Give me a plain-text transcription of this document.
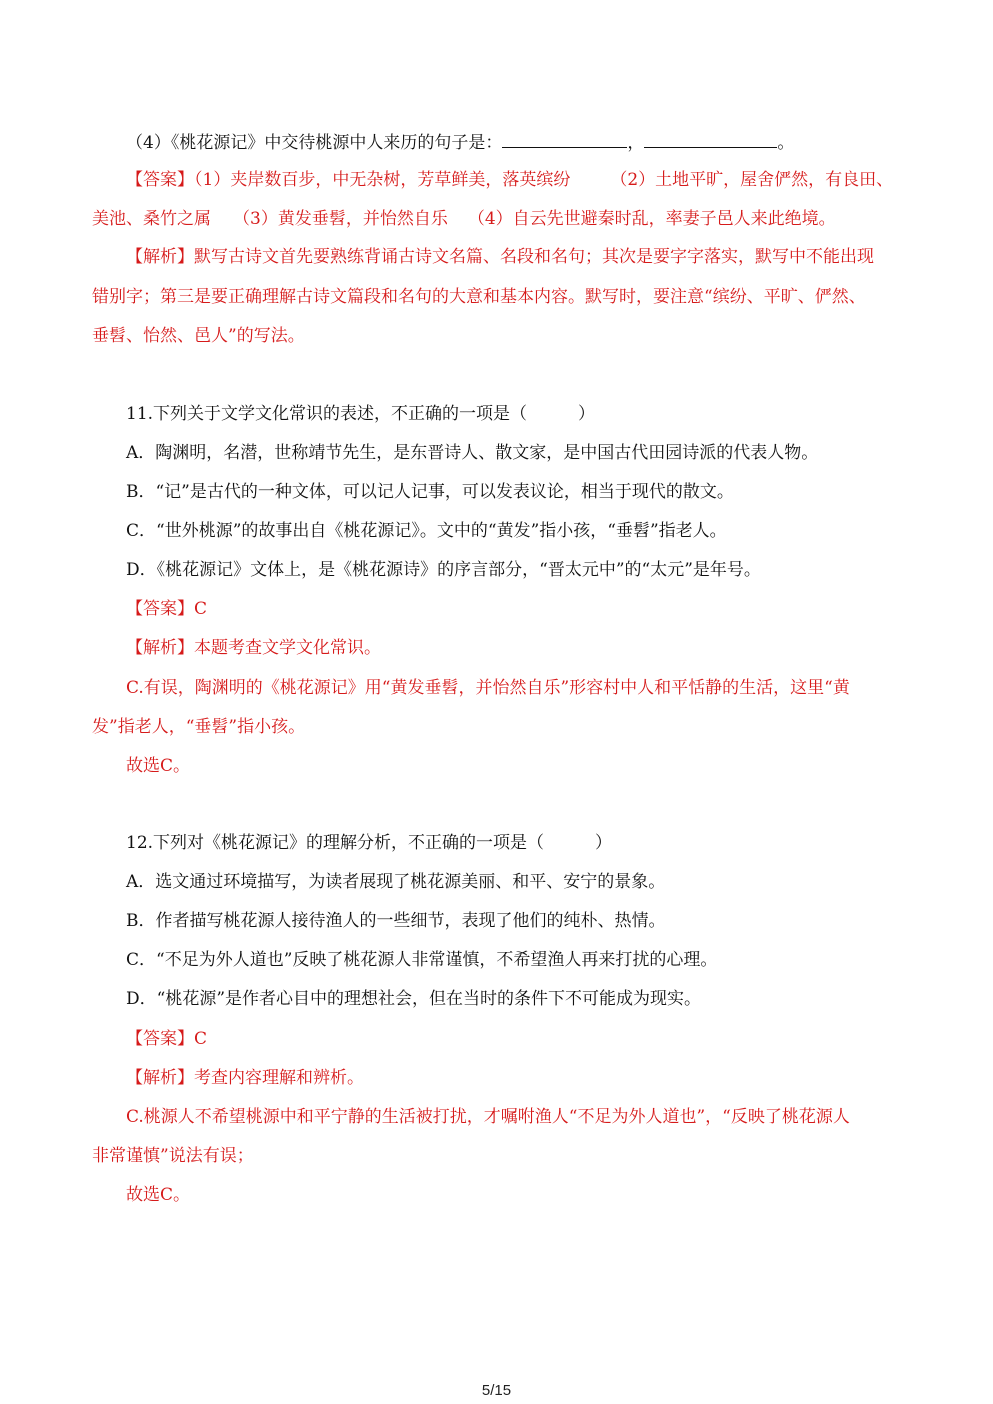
（4）《桃花源记》中交待桃源中人来历的句子是：	，	。
【答案】（1）夹岸数百步，中无杂树，芳草鲜美，落英缤纷 （2）土地平旷，屋舍俨然，有良田、
美池、桑竹之属 （3）黄发垂髫，并怡然自乐 （4）自云先世避秦时乱，率妻子邑人来此绝境。
【解析】默写古诗文首先要熟练背诵古诗文名篇、名段和名句；其次是要字字落实，默写中不能出现
错别字；第三是要正确理解古诗文篇段和名句的大意和基本内容。默写时，要注意“缤纷、平旷、俨然、
垂髫、怡然、邑人”的写法。
11.下列关于文学文化常识的表述，不正确的一项是（　　　）
A．陶渊明，名潜，世称靖节先生，是东晋诗人、散文家，是中国古代田园诗派的代表人物。
B．“记”是古代的一种文体，可以记人记事，可以发表议论，相当于现代的散文。
C．“世外桃源”的故事出自《桃花源记》。文中的“黄发”指小孩，“垂髫”指老人。
D．《桃花源记》文体上，是《桃花源诗》的序言部分，“晋太元中”的“太元”是年号。
【答案】C
【解析】本题考查文学文化常识。
C.有误，陶渊明的《桃花源记》用“黄发垂髫，并怡然自乐”形容村中人和平恬静的生活，这里“黄
发”指老人，“垂髫”指小孩。
故选C。
12.下列对《桃花源记》的理解分析，不正确的一项是（　　　）
A．选文通过环境描写，为读者展现了桃花源美丽、和平、安宁的景象。
B．作者描写桃花源人接待渔人的一些细节，表现了他们的纯朴、热情。
C．“不足为外人道也”反映了桃花源人非常谨慎，不希望渔人再来打扰的心理。
D．“桃花源”是作者心目中的理想社会，但在当时的条件下不可能成为现实。
【答案】C
【解析】考查内容理解和辨析。
C.桃源人不希望桃源中和平宁静的生活被打扰，才嘱咐渔人“不足为外人道也”，“反映了桃花源人
非常谨慎”说法有误；
故选C。
5/15
